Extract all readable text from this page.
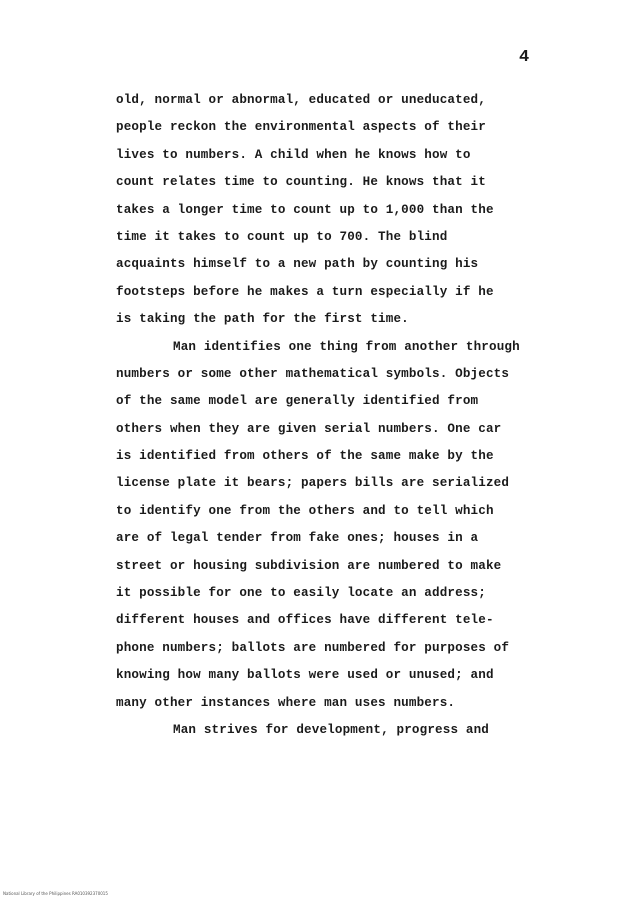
4
old, normal or abnormal, educated or uneducated,
people reckon the environmental aspects of their
lives to numbers. A child when he knows how to
count relates time to counting. He knows that it
takes a longer time to count up to 1,000 than the
time it takes to count up to 700. The blind
acquaints himself to a new path by counting his
footsteps before he makes a turn especially if he
is taking the path for the first time.
Man identifies one thing from another through
numbers or some other mathematical symbols. Objects
of the same model are generally identified from
others when they are given serial numbers. One car
is identified from others of the same make by the
license plate it bears; papers bills are serialized
to identify one from the others and to tell which
are of legal tender from fake ones; houses in a
street or housing subdivision are numbered to make
it possible for one to easily locate an address;
different houses and offices have different tele-
phone numbers; ballots are numbered for purposes of
knowing how many ballots were used or unused; and
many other instances where man uses numbers.
Man strives for development, progress and
National Library of the Philippines RA010392370015
